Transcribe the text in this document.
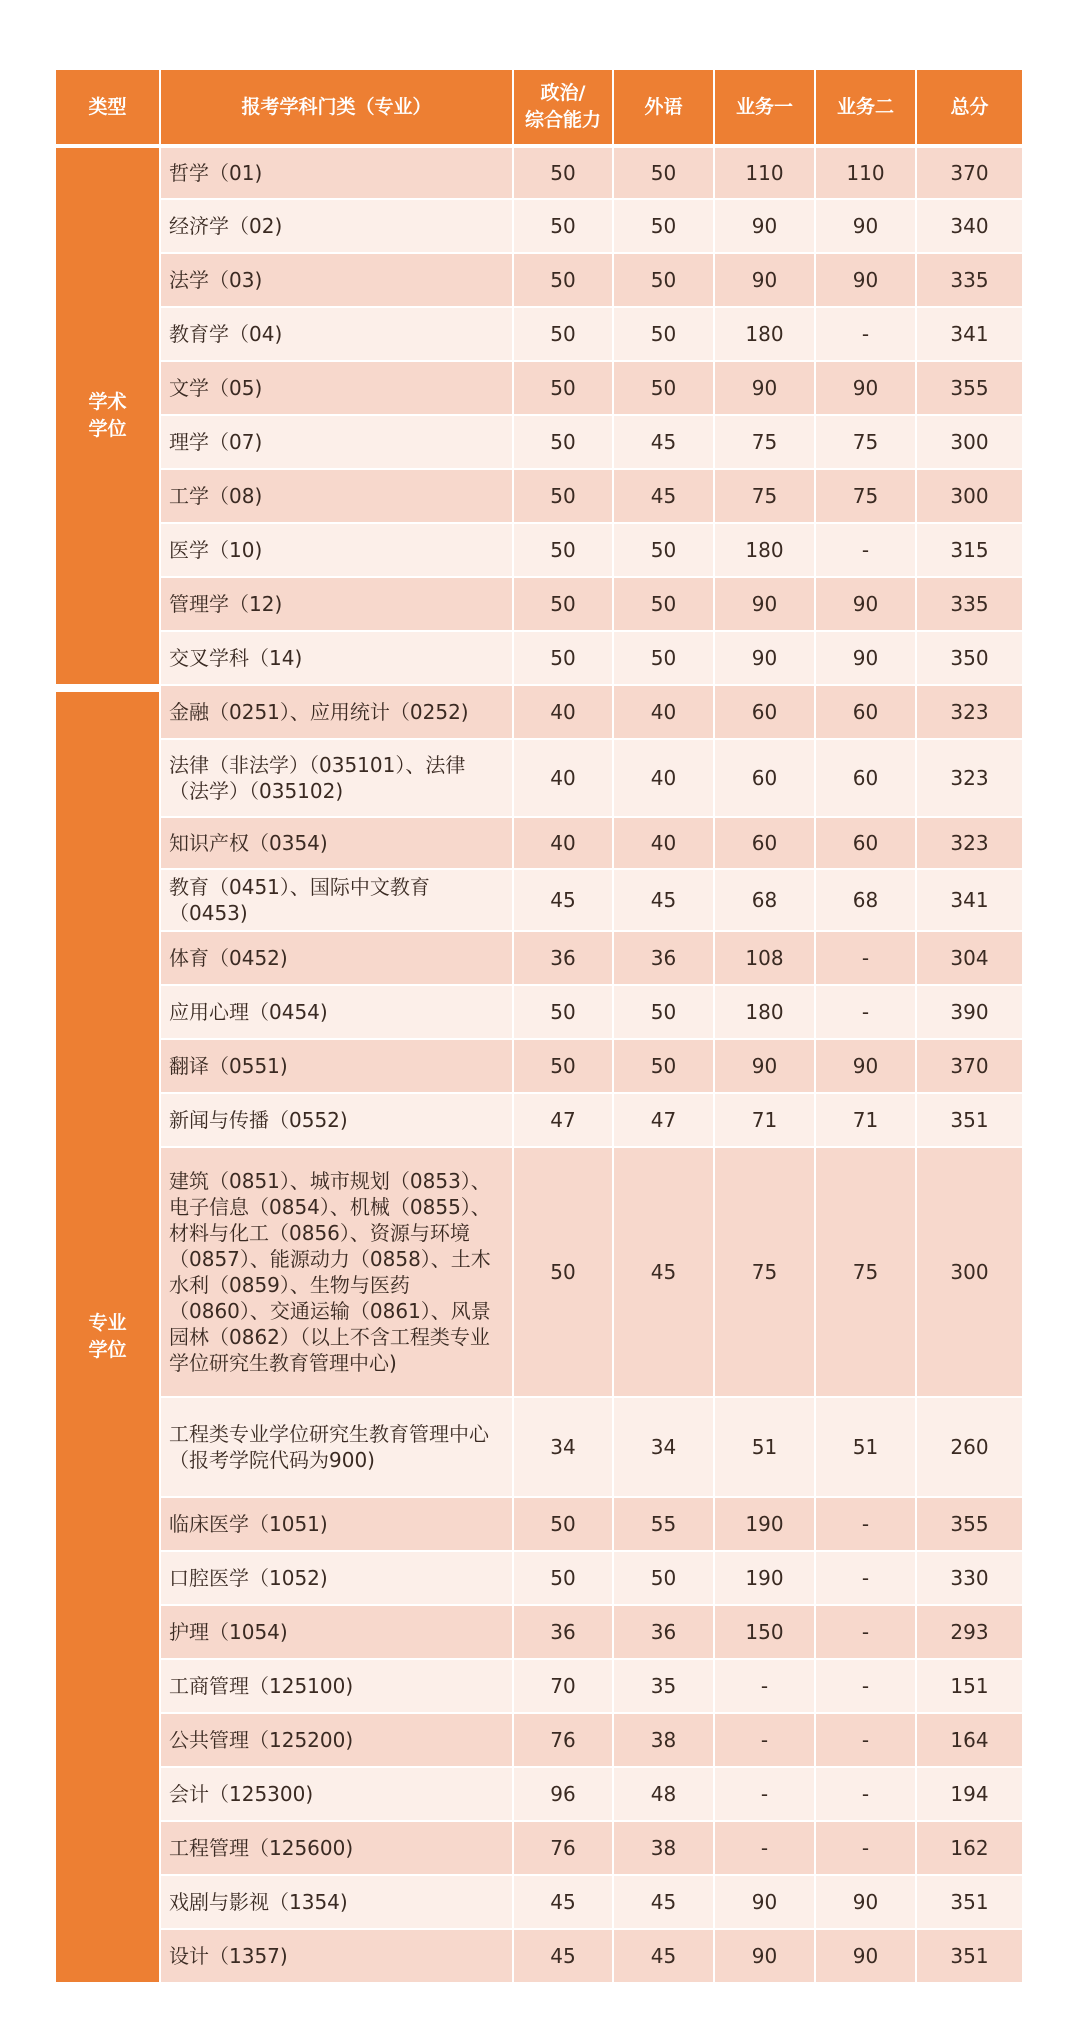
类型	报考学科门类（专业）	政治/
综合能力	外语	业务一	业务二	总分
学术
学位	哲学（01)	50	50	110	110	370
	经济学（02)	50	50	90	90	340
	法学（03)	50	50	90	90	335
	教育学（04)	50	50	180	-	341
	文学（05)	50	50	90	90	355
	理学（07)	50	45	75	75	300
	工学（08)	50	45	75	75	300
	医学（10)	50	50	180	-	315
	管理学（12)	50	50	90	90	335
	交叉学科（14)	50	50	90	90	350
专业
学位	金融（0251）、应用统计（0252)	40	40	60	60	323
	法律（非法学）（035101）、法律（法学）（035102)	40	40	60	60	323
	知识产权（0354)	40	40	60	60	323
	教育（0451）、国际中文教育（0453)	45	45	68	68	341
	体育（0452)	36	36	108	-	304
	应用心理（0454)	50	50	180	-	390
	翻译（0551)	50	50	90	90	370
	新闻与传播（0552)	47	47	71	71	351
	建筑（0851）、城市规划（0853）、电子信息（0854）、机械（0855）、材料与化工（0856）、资源与环境（0857）、能源动力（0858）、土木水利（0859）、生物与医药（0860）、交通运输（0861）、风景园林（0862）（以上不含工程类专业学位研究生教育管理中心)	50	45	75	75	300
	工程类专业学位研究生教育管理中心（报考学院代码为900)	34	34	51	51	260
	临床医学（1051)	50	55	190	-	355
	口腔医学（1052)	50	50	190	-	330
	护理（1054)	36	36	150	-	293
	工商管理（125100)	70	35	-	-	151
	公共管理（125200)	76	38	-	-	164
	会计（125300)	96	48	-	-	194
	工程管理（125600)	76	38	-	-	162
	戏剧与影视（1354)	45	45	90	90	351
	设计（1357)	45	45	90	90	351
